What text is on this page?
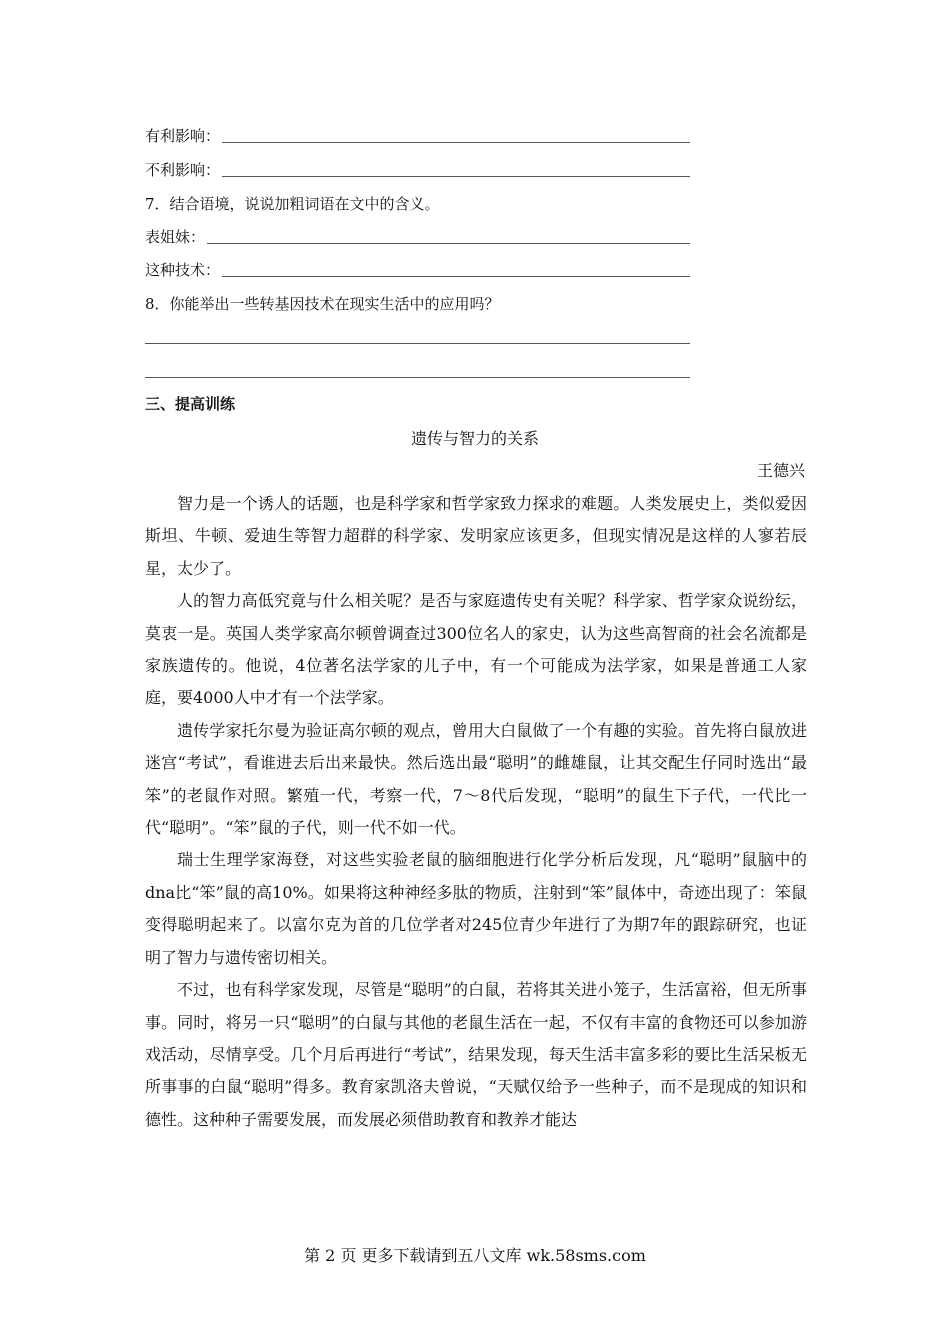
有利影响：
不利影响：
7．结合语境，说说加粗词语在文中的含义。
表姐妹：
这种技术：
8．你能举出一些转基因技术在现实生活中的应用吗？
三、提高训练
遗传与智力的关系
王德兴

智力是一个诱人的话题，也是科学家和哲学家致力探求的难题。人类发展史上，类似爱因斯坦、牛顿、爱迪生等智力超群的科学家、发明家应该更多，但现实情况是这样的人寥若辰星，太少了。

人的智力高低究竟与什么相关呢？是否与家庭遗传史有关呢？科学家、哲学家众说纷纭，莫衷一是。英国人类学家高尔顿曾调查过300位名人的家史，认为这些高智商的社会名流都是家族遗传的。他说，4位著名法学家的儿子中，有一个可能成为法学家，如果是普通工人家庭，要4000人中才有一个法学家。

遗传学家托尔曼为验证高尔顿的观点，曾用大白鼠做了一个有趣的实验。首先将白鼠放进迷宫“考试”，看谁进去后出来最快。然后选出最“聪明”的雌雄鼠，让其交配生仔同时选出“最笨”的老鼠作对照。繁殖一代，考察一代，7～8代后发现，“聪明”的鼠生下子代，一代比一代“聪明”。“笨”鼠的子代，则一代不如一代。

瑞士生理学家海登，对这些实验老鼠的脑细胞进行化学分析后发现，凡“聪明”鼠脑中的dna比“笨”鼠的高10%。如果将这种神经多肽的物质，注射到“笨”鼠体中，奇迹出现了：笨鼠变得聪明起来了。以富尔克为首的几位学者对245位青少年进行了为期7年的跟踪研究，也证明了智力与遗传密切相关。

不过，也有科学家发现，尽管是“聪明”的白鼠，若将其关进小笼子，生活富裕，但无所事事。同时，将另一只“聪明”的白鼠与其他的老鼠生活在一起，不仅有丰富的食物还可以参加游戏活动，尽情享受。几个月后再进行“考试”，结果发现，每天生活丰富多彩的要比生活呆板无所事事的白鼠“聪明”得多。教育家凯洛夫曾说，“天赋仅给予一些种子，而不是现成的知识和德性。这种种子需要发展，而发展必须借助教育和教养才能达

第 2 页 更多下载请到五八文库 wk.58sms.com
